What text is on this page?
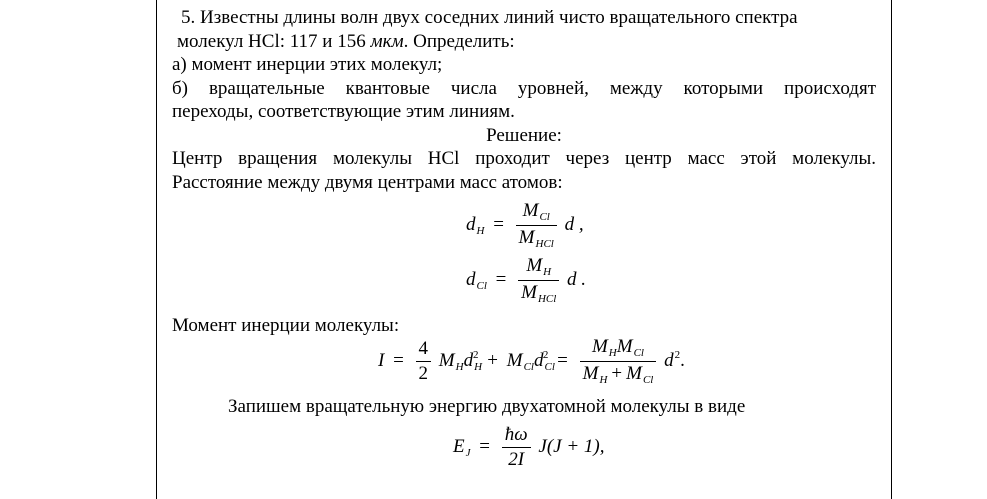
5. Известны длины волн двух соседних линий чисто вращательного спектра
молекул HCl: 117 и 156 мкм. Определить:
а) момент инерции этих молекул;
б) вращательные квантовые числа уровней, между которыми происходят
переходы, соответствующие этим линиям.
Решение:
Центр вращения молекулы HCl проходит через центр масс этой молекулы.
Расстояние между двумя центрами масс атомов:
$d_H = \frac{M_{Cl}}{M_{HCl}}$ d ,
$d_{Cl} = \frac{M_H}{M_{HCl}}$ d .
Момент инерции молекулы:
$I = \frac{4}{2} M_Hd_H^2 + M_{Cl}d_{Cl}^2 = \frac{M_HM_{Cl}}{M_H + M_{Cl}} d^2$.
Запишем вращательную энергию двухатомной молекулы в виде
$E_J = \frac{ħ\omega}{2I} J(J + 1)$,
